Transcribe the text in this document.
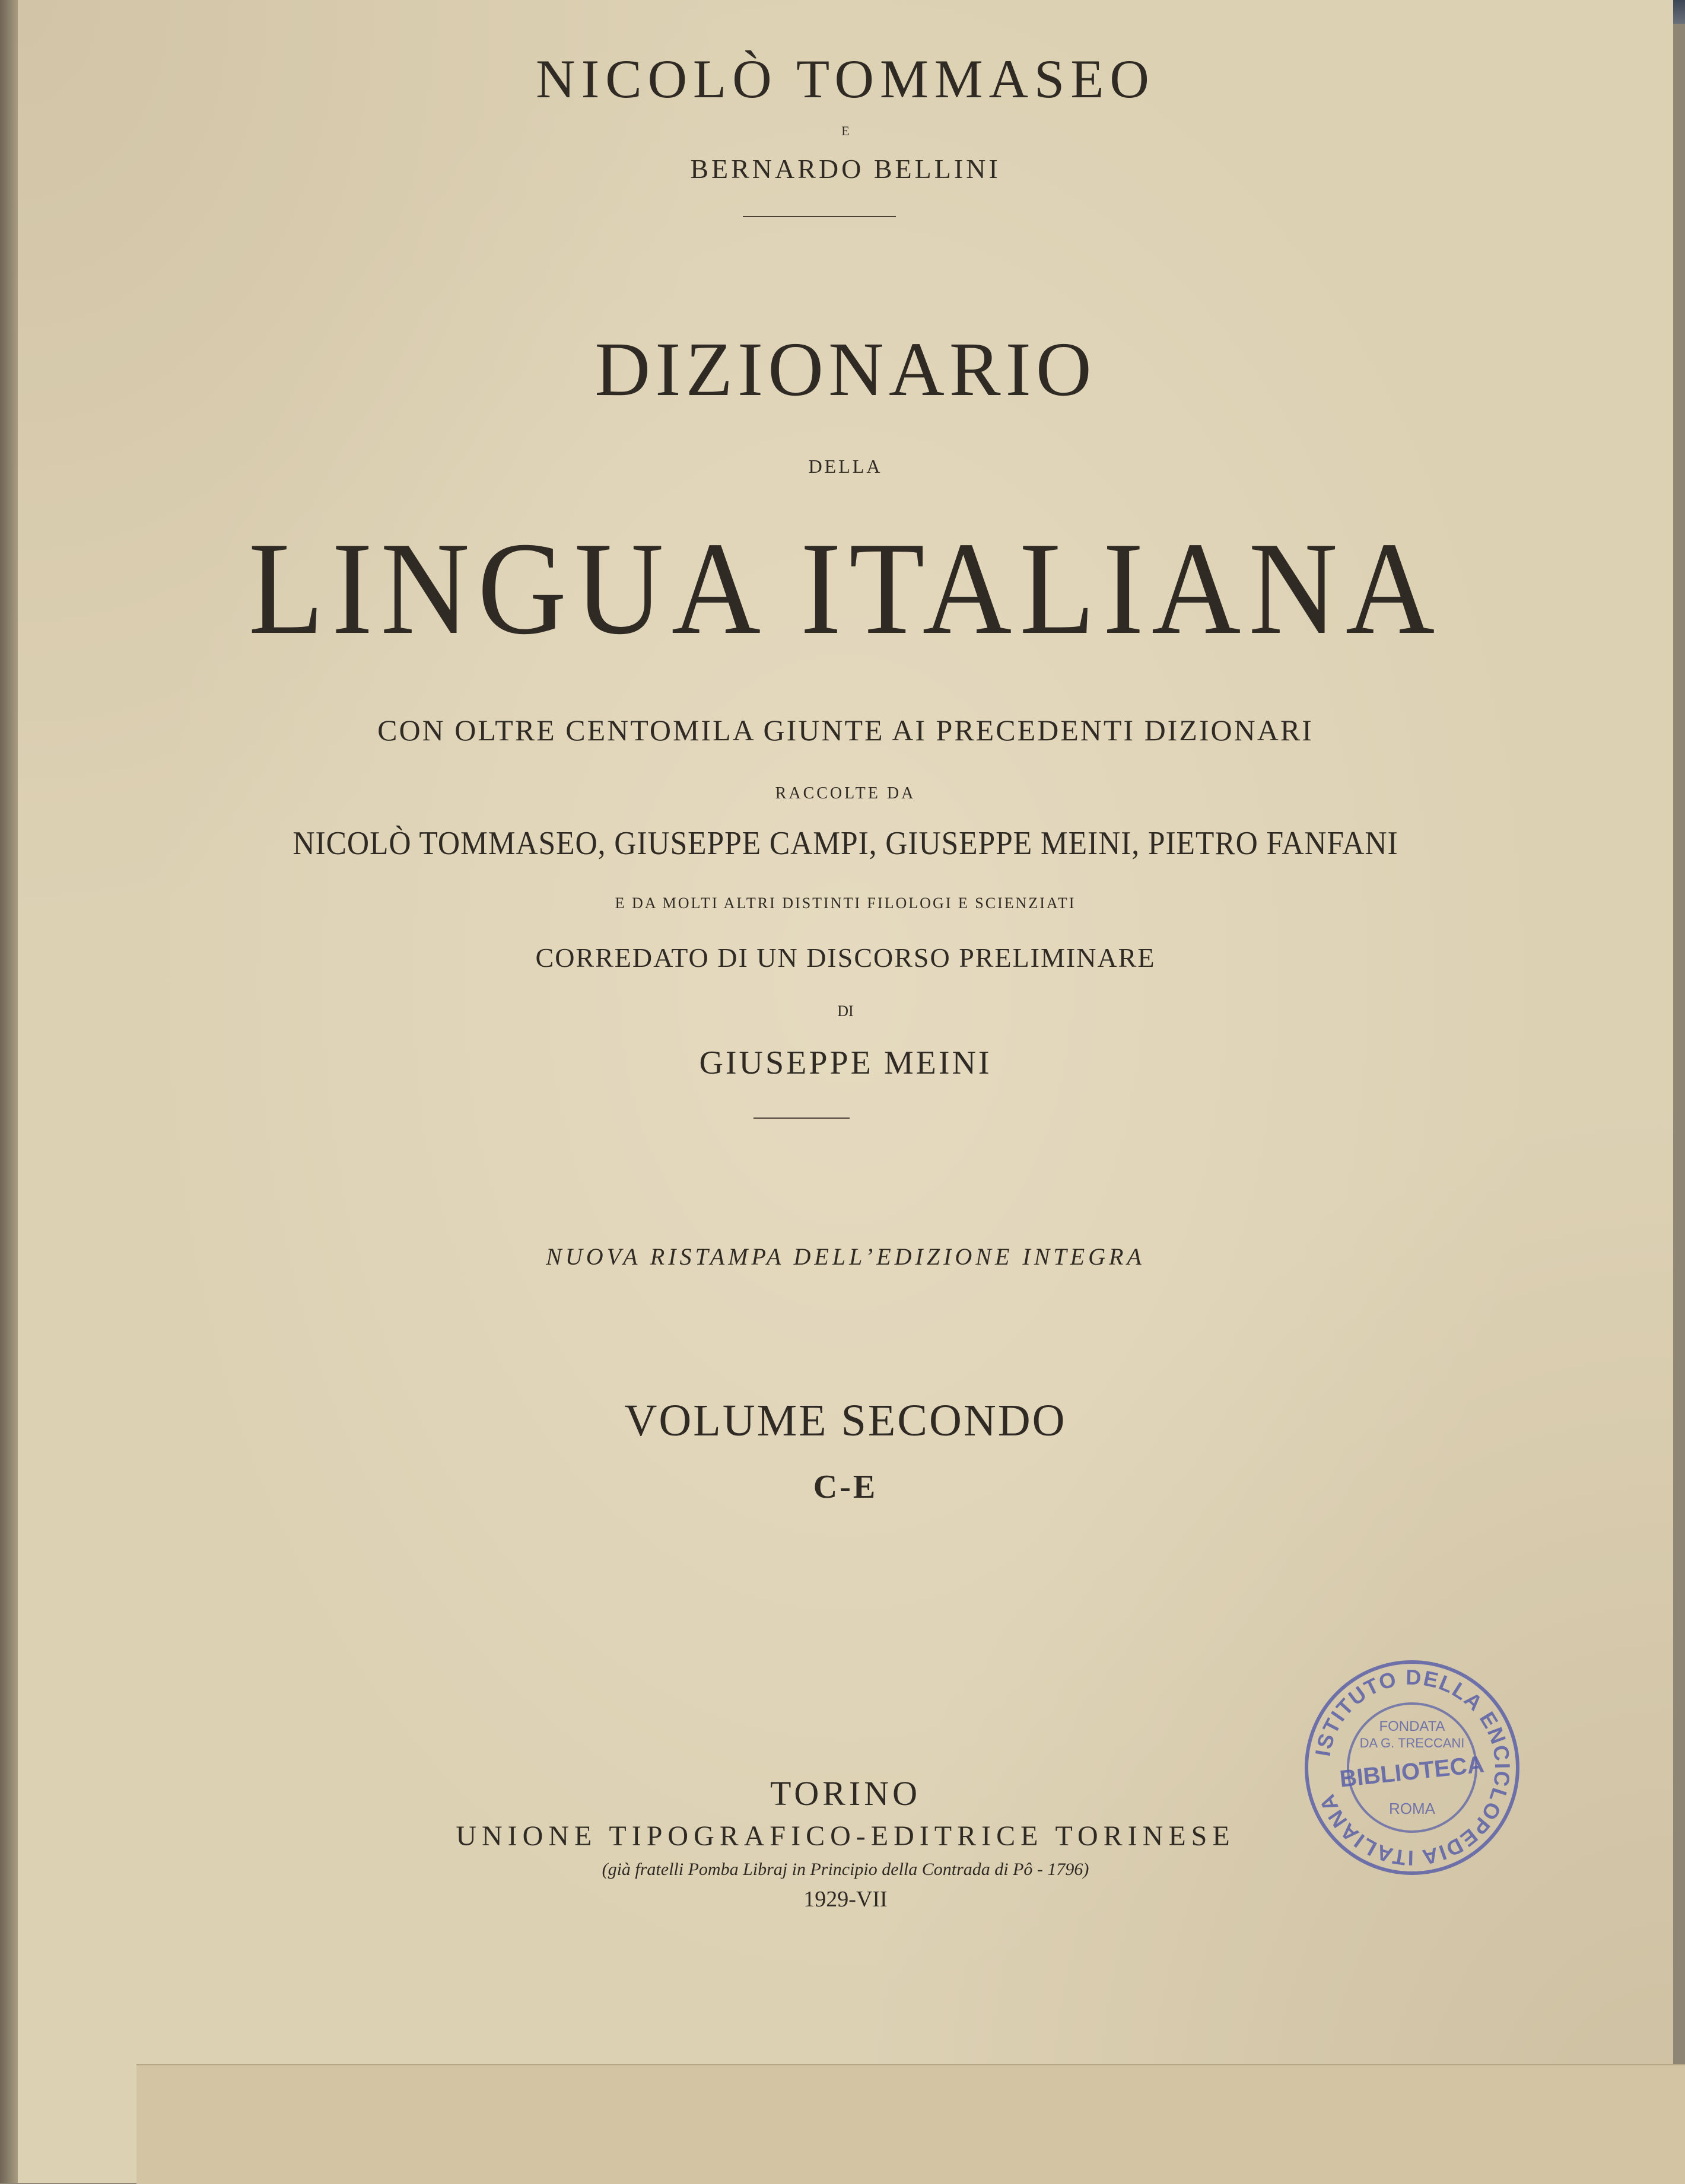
NICOLÒ TOMMASEO
E
BERNARDO BELLINI
DIZIONARIO
DELLA
LINGUA ITALIANA
CON OLTRE CENTOMILA GIUNTE AI PRECEDENTI DIZIONARI
RACCOLTE DA
NICOLÒ TOMMASEO, GIUSEPPE CAMPI, GIUSEPPE MEINI, PIETRO FANFANI
E DA MOLTI ALTRI DISTINTI FILOLOGI E SCIENZIATI
CORREDATO DI UN DISCORSO PRELIMINARE
DI
GIUSEPPE MEINI
NUOVA RISTAMPA DELL’EDIZIONE INTEGRA
VOLUME SECONDO
C-E
TORINO
UNIONE TIPOGRAFICO-EDITRICE TORINESE
(già fratelli Pomba Libraj in Principio della Contrada di Pô - 1796)
1929-VII
ISTITUTO DELLA ENCICLOPEDIA ITALIANA
FONDATA
DA G. TRECCANI
BIBLIOTECA
ROMA
